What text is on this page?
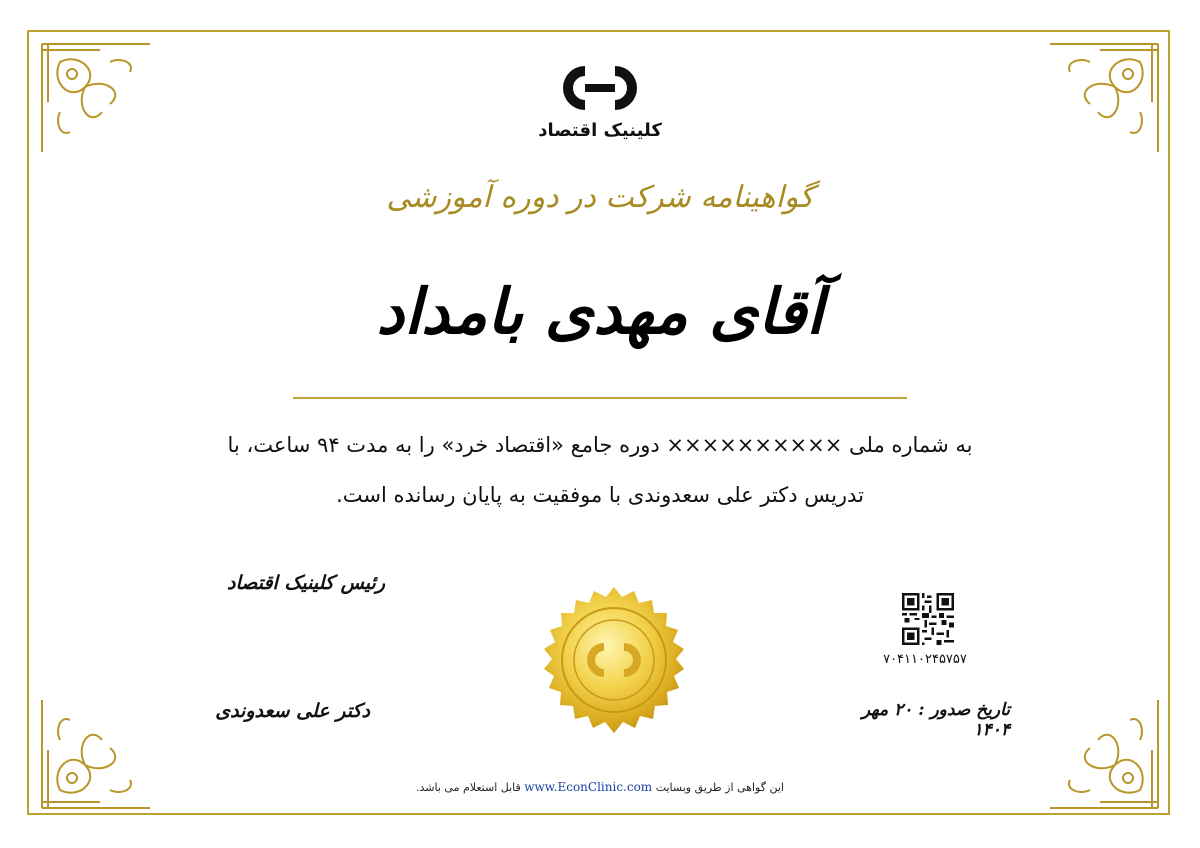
کلینیک اقتصاد
گواهینامه شرکت در دوره آموزشی
آقای مهدی بامداد
به شماره ملی ×××××××××× دوره جامع «اقتصاد خرد» را به مدت ۹۴ ساعت، با
تدریس دکتر علی سعدوندی با موفقیت به پایان رسانده است.
رئیس کلینیک اقتصاد
دکتر علی سعدوندی
۷۰۴۱۱۰۲۴۵۷۵۷
تاریخ صدور : ۲۰ مهر ۱۴۰۴
این گواهی از طریق وبسایت www.EconClinic.com قابل استعلام می باشد.
